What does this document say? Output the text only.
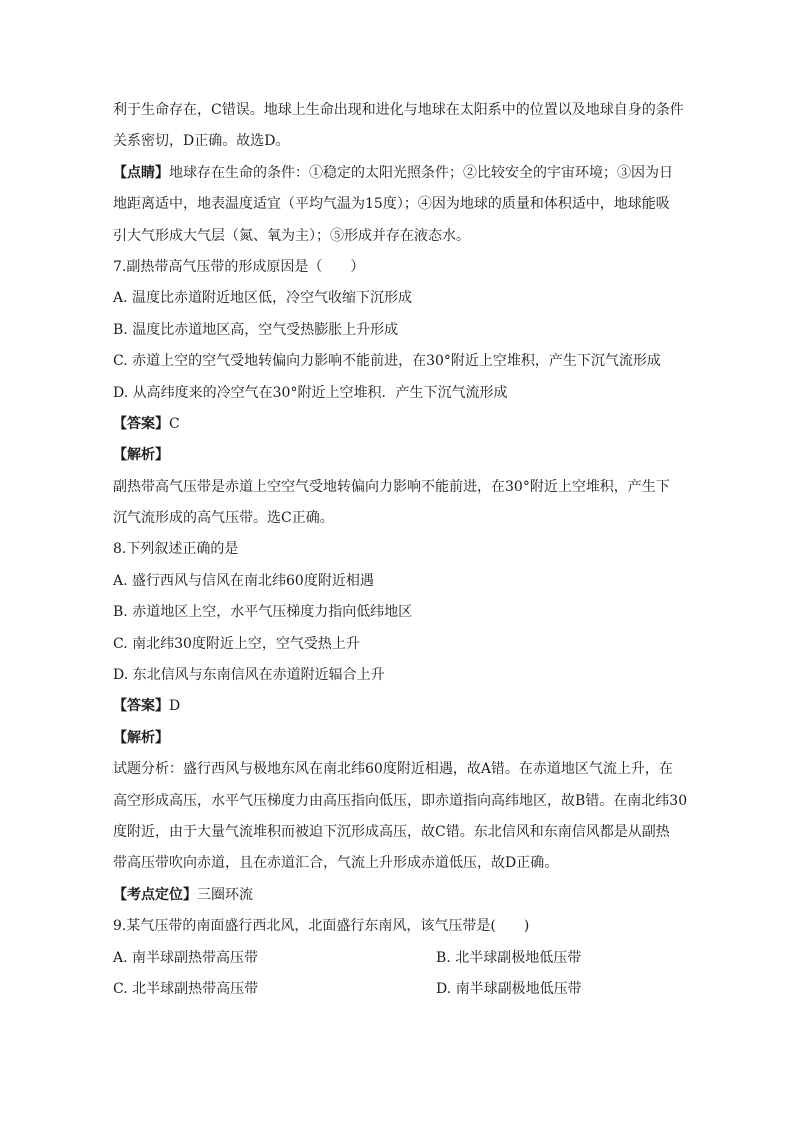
利于生命存在，C错误。地球上生命出现和进化与地球在太阳系中的位置以及地球自身的条件
关系密切，D正确。故选D。
【点睛】地球存在生命的条件：①稳定的太阳光照条件；②比较安全的宇宙环境；③因为日
地距离适中，地表温度适宜（平均气温为15度）；④因为地球的质量和体积适中，地球能吸
引大气形成大气层（氮、氧为主）；⑤形成并存在液态水。
7.副热带高气压带的形成原因是（　　）
A. 温度比赤道附近地区低，冷空气收缩下沉形成
B. 温度比赤道地区高，空气受热膨胀上升形成
C. 赤道上空的空气受地转偏向力影响不能前进，在30°附近上空堆积，产生下沉气流形成
D. 从高纬度来的冷空气在30°附近上空堆积．产生下沉气流形成
【答案】C
【解析】
副热带高气压带是赤道上空空气受地转偏向力影响不能前进，在30°附近上空堆积，产生下
沉气流形成的高气压带。选C正确。
8.下列叙述正确的是
A. 盛行西风与信风在南北纬60度附近相遇
B. 赤道地区上空，水平气压梯度力指向低纬地区
C. 南北纬30度附近上空，空气受热上升
D. 东北信风与东南信风在赤道附近辐合上升
【答案】D
【解析】
试题分析：盛行西风与极地东风在南北纬60度附近相遇，故A错。在赤道地区气流上升，在
高空形成高压，水平气压梯度力由高压指向低压，即赤道指向高纬地区，故B错。在南北纬30
度附近，由于大量气流堆积而被迫下沉形成高压，故C错。东北信风和东南信风都是从副热
带高压带吹向赤道，且在赤道汇合，气流上升形成赤道低压，故D正确。
【考点定位】三圈环流
9.某气压带的南面盛行西北风，北面盛行东南风，该气压带是(　　)
A. 南半球副热带高压带	B. 北半球副极地低压带
C. 北半球副热带高压带	D. 南半球副极地低压带
